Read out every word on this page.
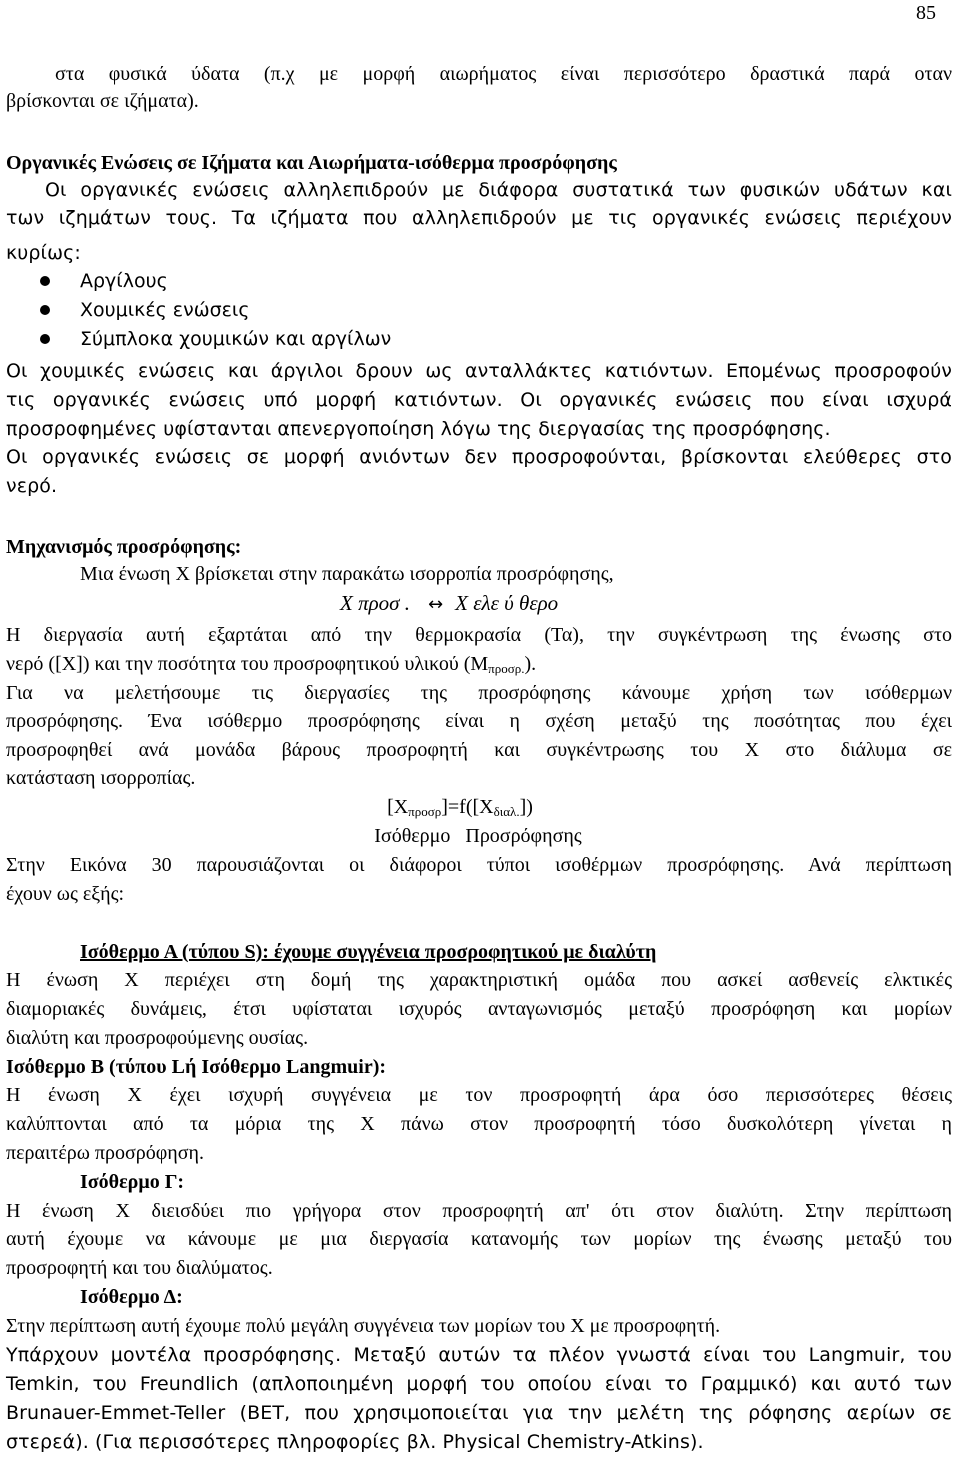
85
στα φυσικά ύδατα (π.χ με μορφή αιωρήματος είναι περισσότερο δραστικά παρά οταν
βρίσκονται σε ιζήματα).
Οργανικές Ενώσεις σε Ιζήματα και Αιωρήματα-ισόθερμα προσρόφησης
Οι οργανικές ενώσεις αλληλεπιδρούν με διάφορα συστατικά των φυσικών υδάτων και
των ιζημάτων τους. Τα ιζήματα που αλληλεπιδρούν με τις οργανικές ενώσεις περιέχουν
κυρίως:
Αργίλους
Χουμικές ενώσεις
Σύμπλοκα χουμικών και αργίλων
Οι χουμικές ενώσεις και άργιλοι δρουν ως ανταλλάκτες κατιόντων. Επομένως προσροφούν
τις οργανικές ενώσεις υπό μορφή κατιόντων. Οι οργανικές ενώσεις που είναι ισχυρά
προσροφημένες υφίστανται απενεργοποίηση λόγω της διεργασίας της προσρόφησης.
Οι οργανικές ενώσεις σε μορφή ανιόντων δεν προσροφούνται, βρίσκονται ελεύθερες στο
νερό.
Μηχανισμός προσρόφησης:
Μια ένωση Χ βρίσκεται στην παρακάτω ισορροπία προσρόφησης,
Χ προσ . ↔ Χ ελε ύ θερο
Η διεργασία αυτή εξαρτάται από την θερμοκρασία (Τα), την συγκέντρωση της ένωσης στο
νερό ([Χ]) και την ποσότητα του προσροφητικού υλικού $(M_{\pi\rho o\sigma\rho.})$.
Για να μελετήσουμε τις διεργασίες της προσρόφησης κάνουμε χρήση των ισόθερμων
προσρόφησης. Ένα ισόθερμο προσρόφησης είναι η σχέση μεταξύ της ποσότητας που έχει
προσροφηθεί ανά μονάδα βάρους προσροφητή και συγκέντρωσης του Χ στο διάλυμα σε
κατάσταση ισορροπίας.
$[X_{\pi\rho o\sigma\rho}]=f([X_{\delta\iota\alpha\lambda.}])$
Ισόθερμο Προσρόφησης
Στην Εικόνα 30 παρουσιάζονται οι διάφοροι τύποι ισοθέρμων προσρόφησης. Ανά περίπτωση
έχουν ως εξής:
Ισόθερμο Α (τύπου S): έχουμε συγγένεια προσροφητικού με διαλύτη
Η ένωση Χ περιέχει στη δομή της χαρακτηριστική ομάδα που ασκεί ασθενείς ελκτικές
διαμοριακές δυνάμεις, έτσι υφίσταται ισχυρός ανταγωνισμός μεταξύ προσρόφηση και μορίων
διαλύτη και προσροφούμενης ουσίας.
Ισόθερμο Β (τύπου Lή Ισόθερμο Langmuir):
Η ένωση Χ έχει ισχυρή συγγένεια με τον προσροφητή άρα όσο περισσότερες θέσεις
καλύπτονται από τα μόρια της Χ πάνω στον προσροφητή τόσο δυσκολότερη γίνεται η
περαιτέρω προσρόφηση.
Ισόθερμο Γ:
Η ένωση Χ διεισδύει πιο γρήγορα στον προσροφητή απ' ότι στον διαλύτη. Στην περίπτωση
αυτή έχουμε να κάνουμε με μια διεργασία κατανομής των μορίων της ένωσης μεταξύ του
προσροφητή και του διαλύματος.
Ισόθερμο Δ:
Στην περίπτωση αυτή έχουμε πολύ μεγάλη συγγένεια των μορίων του Χ με προσροφητή.
Υπάρχουν μοντέλα προσρόφησης. Μεταξύ αυτών τα πλέον γνωστά είναι του Langmuir, του
Temkin, του Freundlich (απλοποιημένη μορφή του οποίου είναι το Γραμμικό) και αυτό των
Brunauer-Emmet-Teller (BET, που χρησιμοποιείται για την μελέτη της ρόφησης αερίων σε
στερεά). (Για περισσότερες πληροφορίες βλ. Physical Chemistry-Atkins).
